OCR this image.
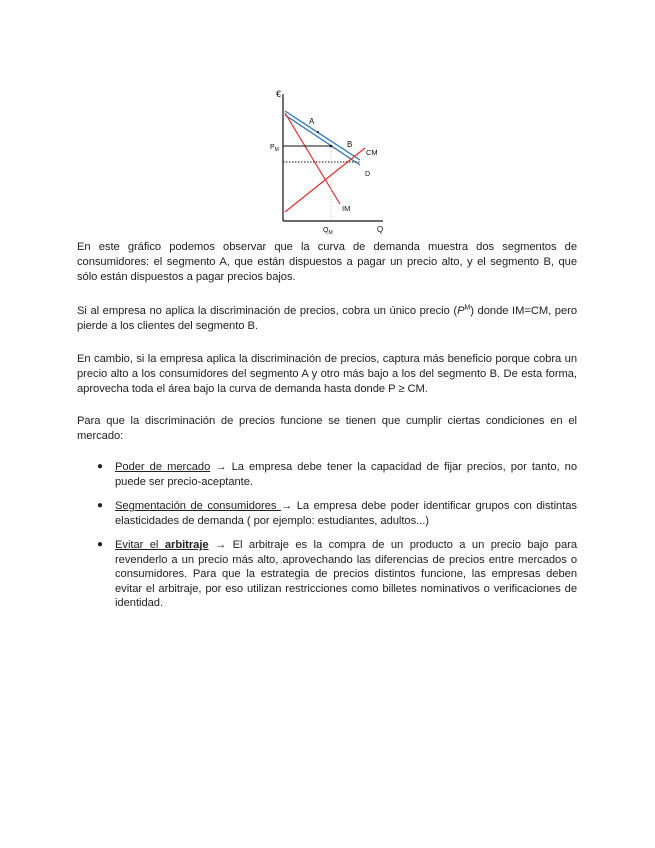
€
Q
$P_M$
$Q_M$
A
B
CM
D
IM

En este gráfico podemos observar que la curva de demanda muestra dos segmentos de consumidores: el segmento A, que están dispuestos a pagar un precio alto, y el segmento B, que sólo están dispuestos a pagar precios bajos.

Si al empresa no aplica la discriminación de precios, cobra un único precio $(P^M)$ donde IM=CM, pero pierde a los clientes del segmento B.

En cambio, si la empresa aplica la discriminación de precios, captura más beneficio porque cobra un precio alto a los consumidores del segmento A y otro más bajo a los del segmento B. De esta forma, aprovecha toda el área bajo la curva de demanda hasta donde P ≥ CM.

Para que la discriminación de precios funcione se tienen que cumplir ciertas condiciones en el mercado:

● Poder de mercado → La empresa debe tener la capacidad de fijar precios, por tanto, no puede ser precio-aceptante.
● Segmentación de consumidores → La empresa debe poder identificar grupos con distintas elasticidades de demanda ( por ejemplo: estudiantes, adultos...)
● Evitar el arbitraje → El arbitraje es la compra de un producto a un precio bajo para revenderlo a un precio más alto, aprovechando las diferencias de precios entre mercados o consumidores. Para que la estrategia de precios distintos funcione, las empresas deben evitar el arbitraje, por eso utilizan restricciones como billetes nominativos o verificaciones de identidad.
